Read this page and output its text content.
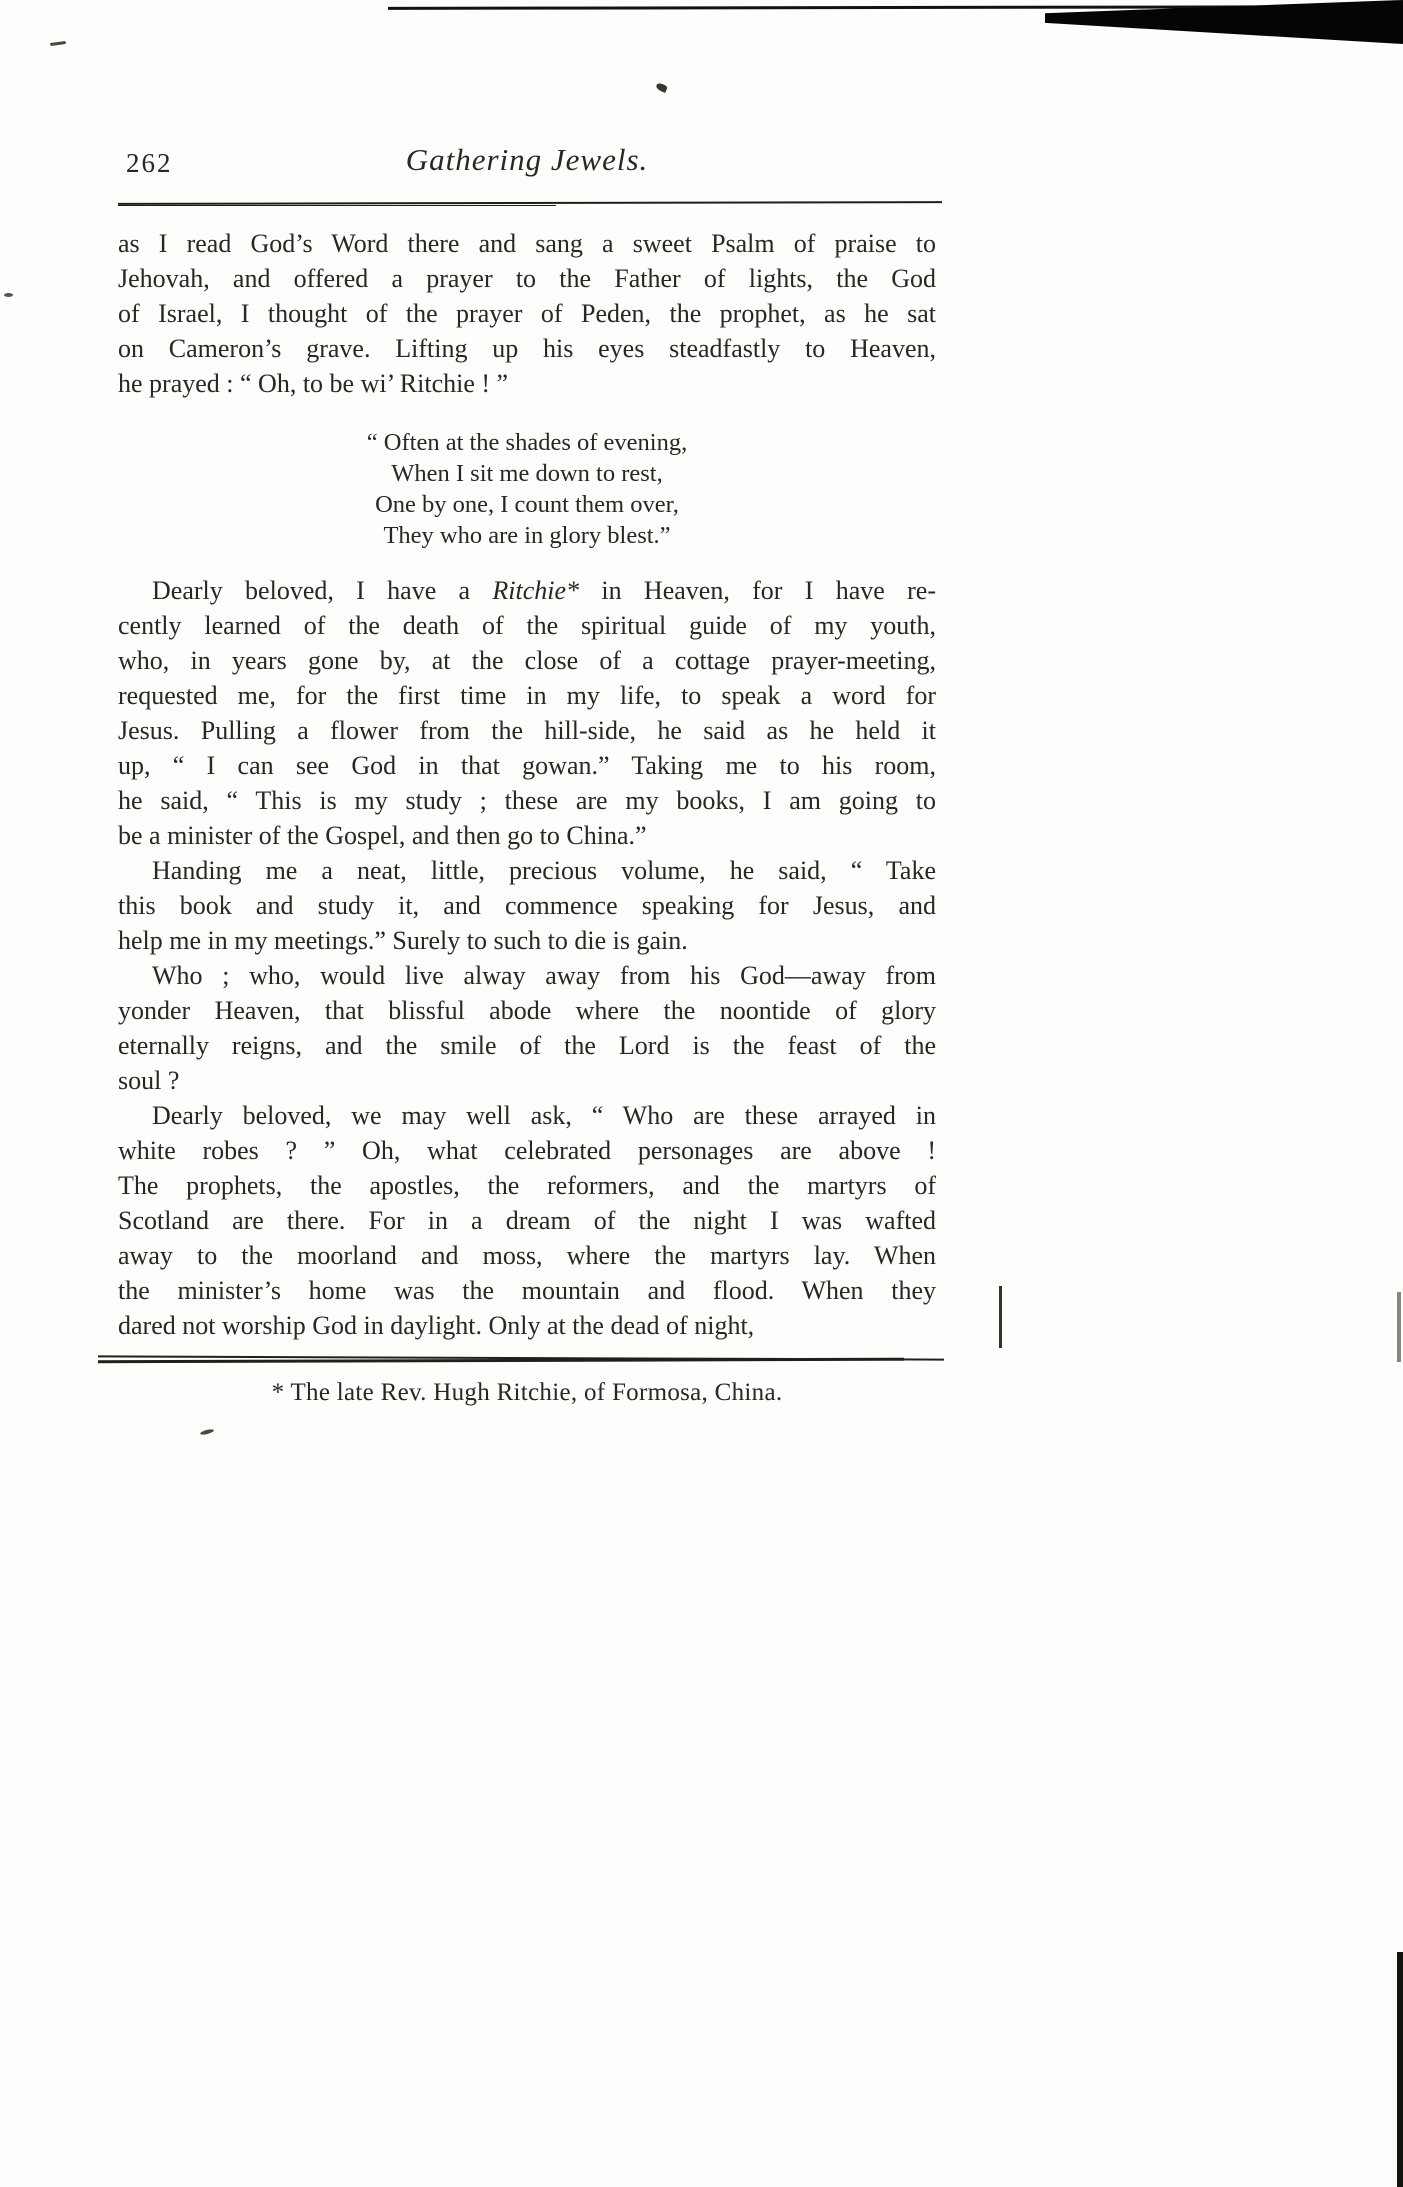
262	Gathering Jewels.
as I read God’s Word there and sang a sweet Psalm of praise to
Jehovah, and offered a prayer to the Father of lights, the God
of Israel, I thought of the prayer of Peden, the prophet, as he sat
on Cameron’s grave. Lifting up his eyes steadfastly to Heaven,
he prayed : “ Oh, to be wi’ Ritchie ! ”
“ Often at the shades of evening,
When I sit me down to rest,
One by one, I count them over,
They who are in glory blest.”
Dearly beloved, I have a Ritchie* in Heaven, for I have re-
cently learned of the death of the spiritual guide of my youth,
who, in years gone by, at the close of a cottage prayer-meeting,
requested me, for the first time in my life, to speak a word for
Jesus. Pulling a flower from the hill-side, he said as he held it
up, “ I can see God in that gowan.” Taking me to his room,
he said, “ This is my study ; these are my books, I am going to
be a minister of the Gospel, and then go to China.”
Handing me a neat, little, precious volume, he said, “ Take
this book and study it, and commence speaking for Jesus, and
help me in my meetings.” Surely to such to die is gain.
Who ; who, would live alway away from his God—away from
yonder Heaven, that blissful abode where the noontide of glory
eternally reigns, and the smile of the Lord is the feast of the
soul ?
Dearly beloved, we may well ask, “ Who are these arrayed in
white robes ? ” Oh, what celebrated personages are above !
The prophets, the apostles, the reformers, and the martyrs of
Scotland are there. For in a dream of the night I was wafted
away to the moorland and moss, where the martyrs lay. When
the minister’s home was the mountain and flood. When they
dared not worship God in daylight. Only at the dead of night,
* The late Rev. Hugh Ritchie, of Formosa, China.
